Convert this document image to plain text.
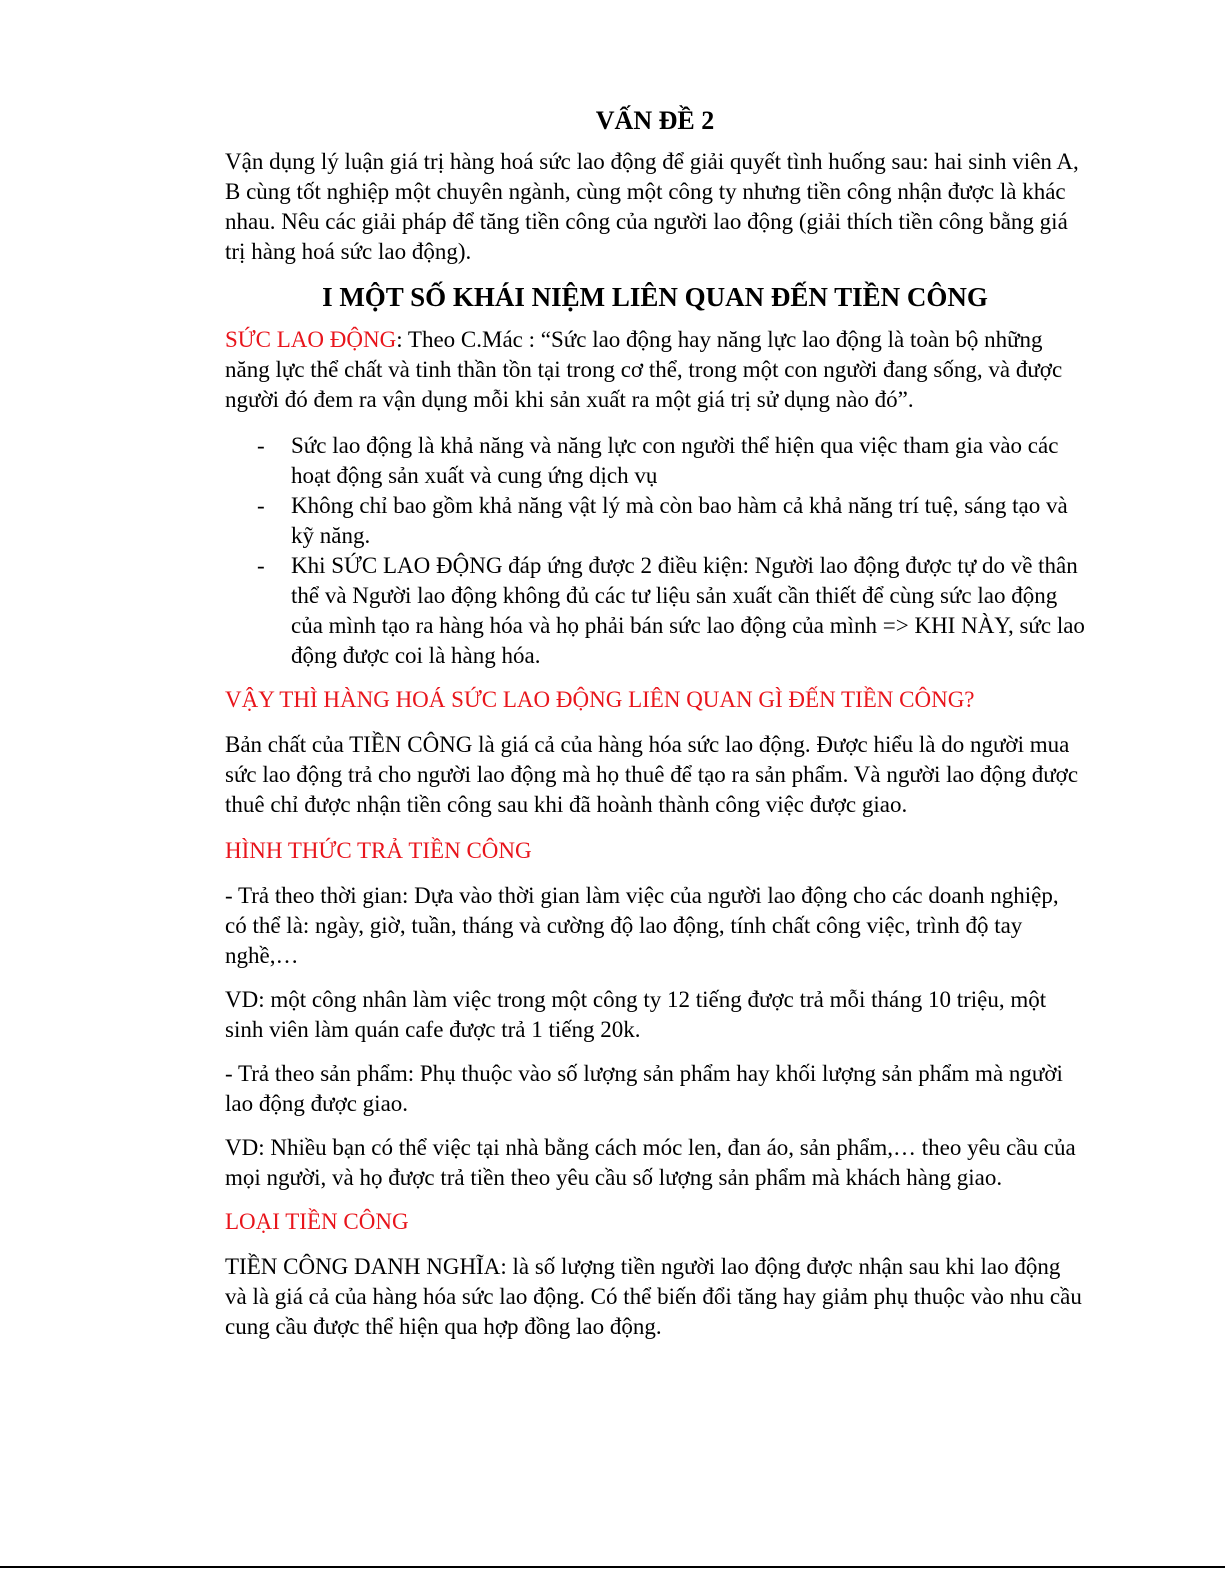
VẤN ĐỀ 2

Vận dụng lý luận giá trị hàng hoá sức lao động để giải quyết tình huống sau: hai sinh viên A, B cùng tốt nghiệp một chuyên ngành, cùng một công ty nhưng tiền công nhận được là khác nhau. Nêu các giải pháp để tăng tiền công của người lao động (giải thích tiền công bằng giá trị hàng hoá sức lao động).

I MỘT SỐ KHÁI NIỆM LIÊN QUAN ĐẾN TIỀN CÔNG

SỨC LAO ĐỘNG: Theo C.Mác : “Sức lao động hay năng lực lao động là toàn bộ những năng lực thể chất và tinh thần tồn tại trong cơ thể, trong một con người đang sống, và được người đó đem ra vận dụng mỗi khi sản xuất ra một giá trị sử dụng nào đó”.

- Sức lao động là khả năng và năng lực con người thể hiện qua việc tham gia vào các hoạt động sản xuất và cung ứng dịch vụ
- Không chỉ bao gồm khả năng vật lý mà còn bao hàm cả khả năng trí tuệ, sáng tạo và kỹ năng.
- Khi SỨC LAO ĐỘNG đáp ứng được 2 điều kiện: Người lao động được tự do về thân thể và Người lao động không đủ các tư liệu sản xuất cần thiết để cùng sức lao động của mình tạo ra hàng hóa và họ phải bán sức lao động của mình => KHI NÀY, sức lao động được coi là hàng hóa.

VẬY THÌ HÀNG HOÁ SỨC LAO ĐỘNG LIÊN QUAN GÌ ĐẾN TIỀN CÔNG?

Bản chất của TIỀN CÔNG là giá cả của hàng hóa sức lao động. Được hiểu là do người mua sức lao động trả cho người lao động mà họ thuê để tạo ra sản phẩm. Và người lao động được thuê chỉ được nhận tiền công sau khi đã hoành thành công việc được giao.

HÌNH THỨC TRẢ TIỀN CÔNG

- Trả theo thời gian: Dựa vào thời gian làm việc của người lao động cho các doanh nghiệp, có thể là: ngày, giờ, tuần, tháng và cường độ lao động, tính chất công việc, trình độ tay nghề,…

VD: một công nhân làm việc trong một công ty 12 tiếng được trả mỗi tháng 10 triệu, một sinh viên làm quán cafe được trả 1 tiếng 20k.

- Trả theo sản phẩm: Phụ thuộc vào số lượng sản phẩm hay khối lượng sản phẩm mà người lao động được giao.

VD: Nhiều bạn có thể việc tại nhà bằng cách móc len, đan áo, sản phẩm,… theo yêu cầu của mọi người, và họ được trả tiền theo yêu cầu số lượng sản phẩm mà khách hàng giao.

LOẠI TIỀN CÔNG

TIỀN CÔNG DANH NGHĨA: là số lượng tiền người lao động được nhận sau khi lao động và là giá cả của hàng hóa sức lao động. Có thể biến đổi tăng hay giảm phụ thuộc vào nhu cầu cung cầu được thể hiện qua hợp đồng lao động.
